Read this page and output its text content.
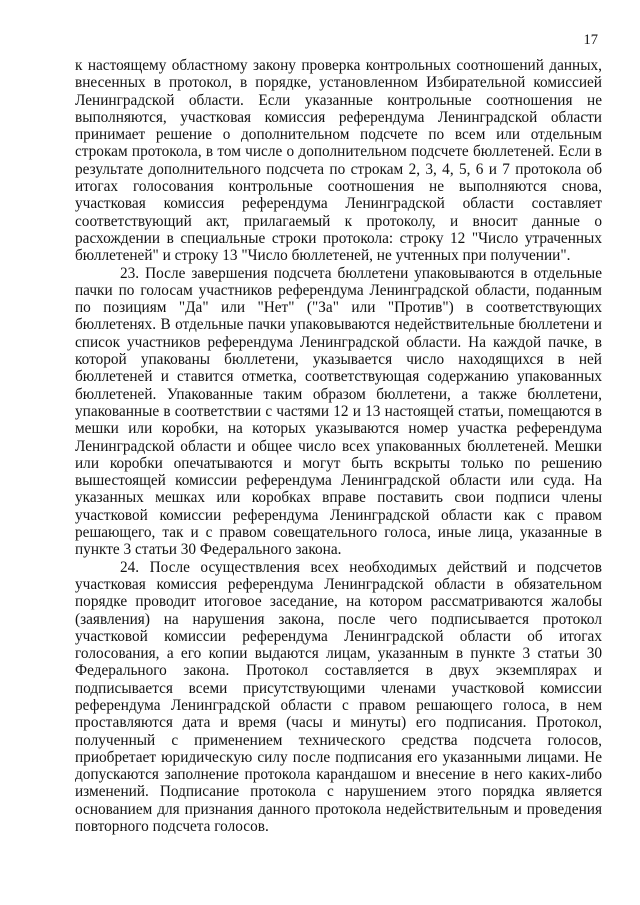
17

к настоящему областному закону проверка контрольных соотношений данных, внесенных в протокол, в порядке, установленном Избирательной комиссией Ленинградской области. Если указанные контрольные соотношения не выполняются, участковая комиссия референдума Ленинградской области принимает решение о дополнительном подсчете по всем или отдельным строкам протокола, в том числе о дополнительном подсчете бюллетеней. Если в результате дополнительного подсчета по строкам 2, 3, 4, 5, 6 и 7 протокола об итогах голосования контрольные соотношения не выполняются снова, участковая комиссия референдума Ленинградской области составляет соответствующий акт, прилагаемый к протоколу, и вносит данные о расхождении в специальные строки протокола: строку 12 "Число утраченных бюллетеней" и строку 13 "Число бюллетеней, не учтенных при получении".

23. После завершения подсчета бюллетени упаковываются в отдельные пачки по голосам участников референдума Ленинградской области, поданным по позициям "Да" или "Нет" ("За" или "Против") в соответствующих бюллетенях. В отдельные пачки упаковываются недействительные бюллетени и список участников референдума Ленинградской области. На каждой пачке, в которой упакованы бюллетени, указывается число находящихся в ней бюллетеней и ставится отметка, соответствующая содержанию упакованных бюллетеней. Упакованные таким образом бюллетени, а также бюллетени, упакованные в соответствии с частями 12 и 13 настоящей статьи, помещаются в мешки или коробки, на которых указываются номер участка референдума Ленинградской области и общее число всех упакованных бюллетеней. Мешки или коробки опечатываются и могут быть вскрыты только по решению вышестоящей комиссии референдума Ленинградской области или суда. На указанных мешках или коробках вправе поставить свои подписи члены участковой комиссии референдума Ленинградской области как с правом решающего, так и с правом совещательного голоса, иные лица, указанные в пункте 3 статьи 30 Федерального закона.

24. После осуществления всех необходимых действий и подсчетов участковая комиссия референдума Ленинградской области в обязательном порядке проводит итоговое заседание, на котором рассматриваются жалобы (заявления) на нарушения закона, после чего подписывается протокол участковой комиссии референдума Ленинградской области об итогах голосования, а его копии выдаются лицам, указанным в пункте 3 статьи 30 Федерального закона. Протокол составляется в двух экземплярах и подписывается всеми присутствующими членами участковой комиссии референдума Ленинградской области с правом решающего голоса, в нем проставляются дата и время (часы и минуты) его подписания. Протокол, полученный с применением технического средства подсчета голосов, приобретает юридическую силу после подписания его указанными лицами. Не допускаются заполнение протокола карандашом и внесение в него каких-либо изменений. Подписание протокола с нарушением этого порядка является основанием для признания данного протокола недействительным и проведения повторного подсчета голосов.
